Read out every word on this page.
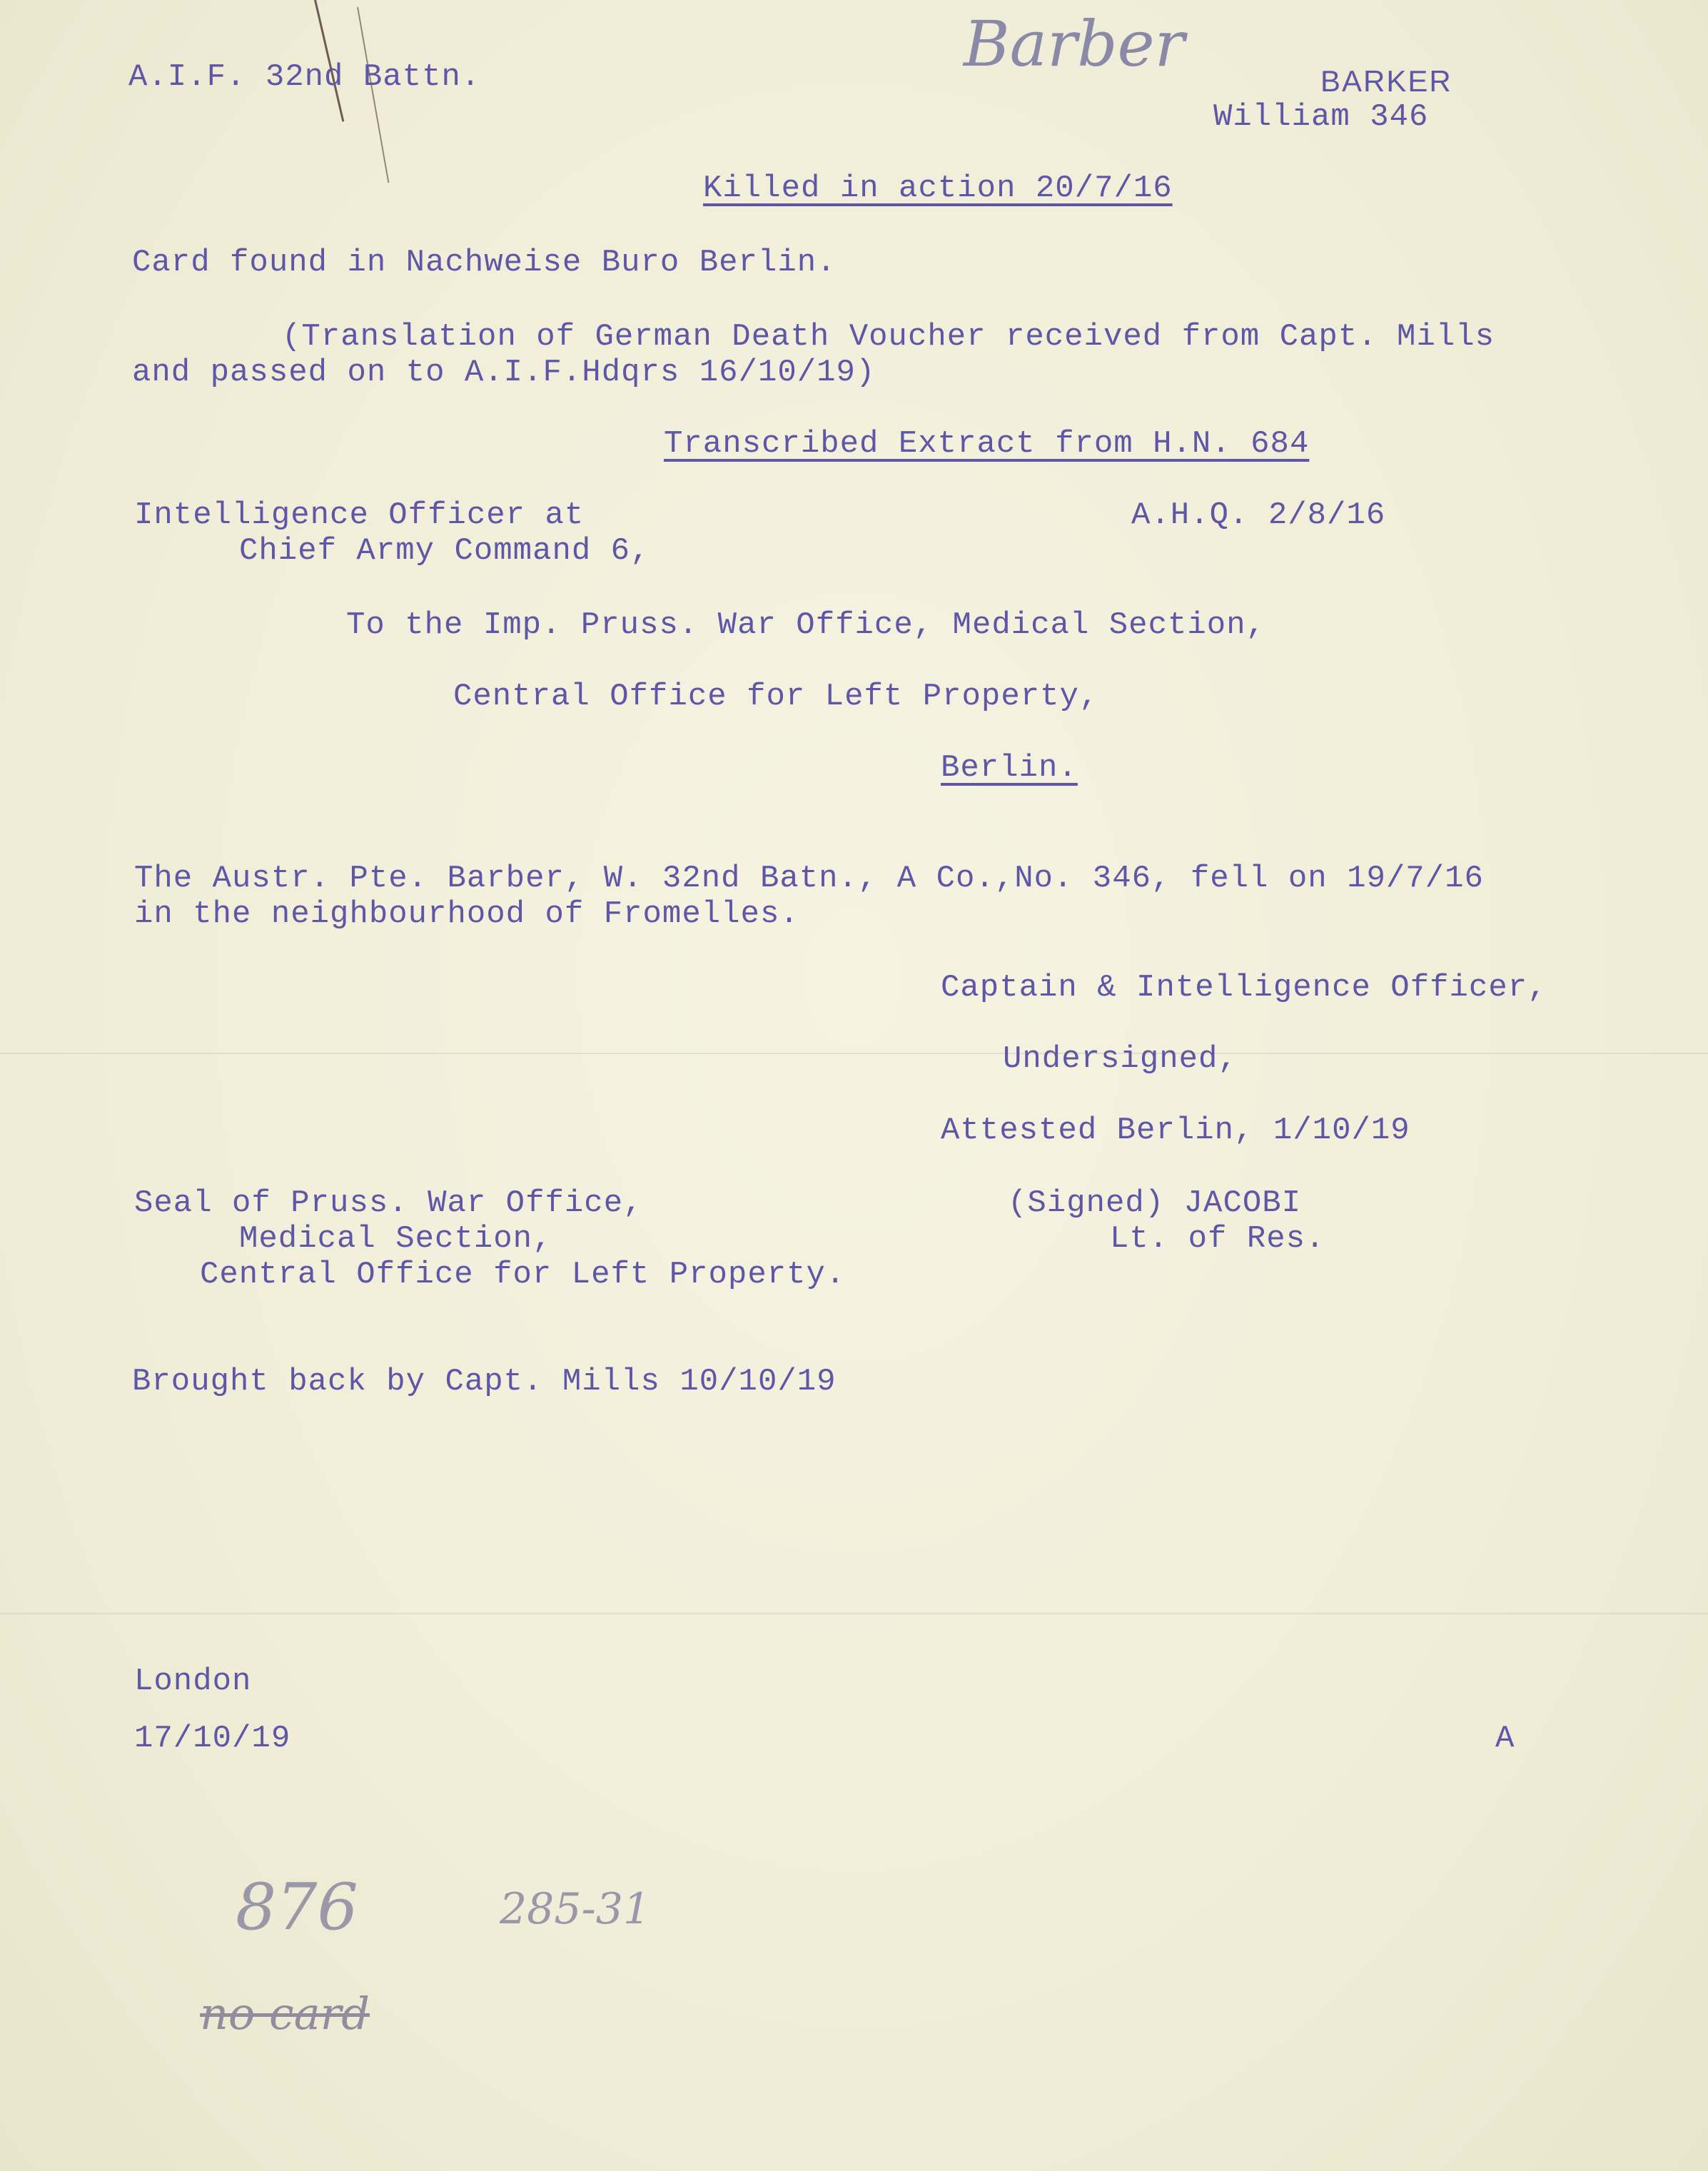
A.I.F. 32nd Battn.	Barber
BARKER
William 346
Killed in action 20/7/16
Card found in Nachweise Buro Berlin.
(Translation of German Death Voucher received from Capt. Mills
and passed on to A.I.F.Hdqrs 16/10/19)
Transcribed Extract from H.N. 684
Intelligence Officer at
Chief Army Command 6,
A.H.Q. 2/8/16
To the Imp. Pruss. War Office, Medical Section,
Central Office for Left Property,
Berlin.
The Austr. Pte. Barber, W. 32nd Batn., A Co.,No. 346, fell on 19/7/16
in the neighbourhood of Fromelles.
Captain & Intelligence Officer,
Undersigned,
Attested Berlin, 1/10/19
Seal of Pruss. War Office,
Medical Section,
Central Office for Left Property.
(Signed) JACOBI
Lt. of Res.
Brought back by Capt. Mills 10/10/19
London
17/10/19	A
876	285-31
no card
